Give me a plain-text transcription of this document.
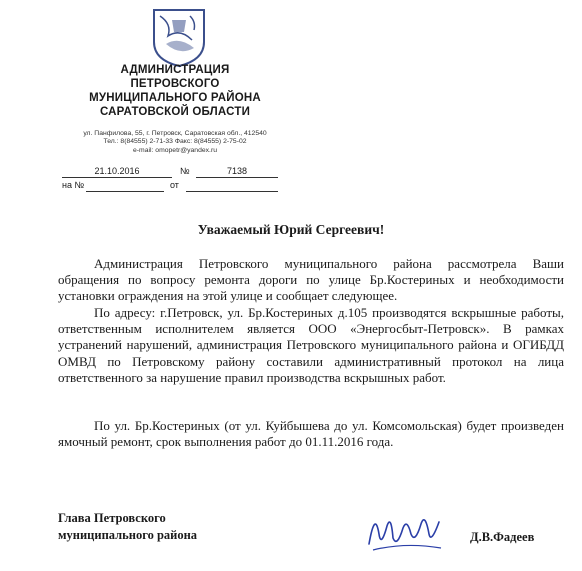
АДМИНИСТРАЦИЯ
ПЕТРОВСКОГО
МУНИЦИПАЛЬНОГО РАЙОНА
САРАТОВСКОЙ ОБЛАСТИ
ул. Панфилова, 55, г. Петровск, Саратовская обл., 412540
Тел.: 8(84555) 2-71-33 Факс: 8(84555) 2-75-02
e-mail: omopetr@yandex.ru
21.10.2016	№	7138
на №	от
Уважаемый Юрий Сергеевич!
Администрация Петровского муниципального района рассмотрела Ваши обращения по вопросу ремонта дороги по улице Бр.Костериных и необходимости установки ограждения на этой улице и сообщает следующее.
По адресу: г.Петровск, ул. Бр.Костериных д.105 производятся вскрышные работы, ответственным исполнителем является ООО «Энергосбыт-Петровск». В рамках устранений нарушений, администрация Петровского муниципального района и ОГИБДД ОМВД по Петровскому району составили административный протокол на лица ответственного за нарушение правил производства вскрышных работ.
По ул. Бр.Костериных (от ул. Куйбышева до ул. Комсомольская) будет произведен ямочный ремонт, срок выполнения работ до 01.11.2016 года.
Глава Петровского
муниципального района	Д.В.Фадеев
